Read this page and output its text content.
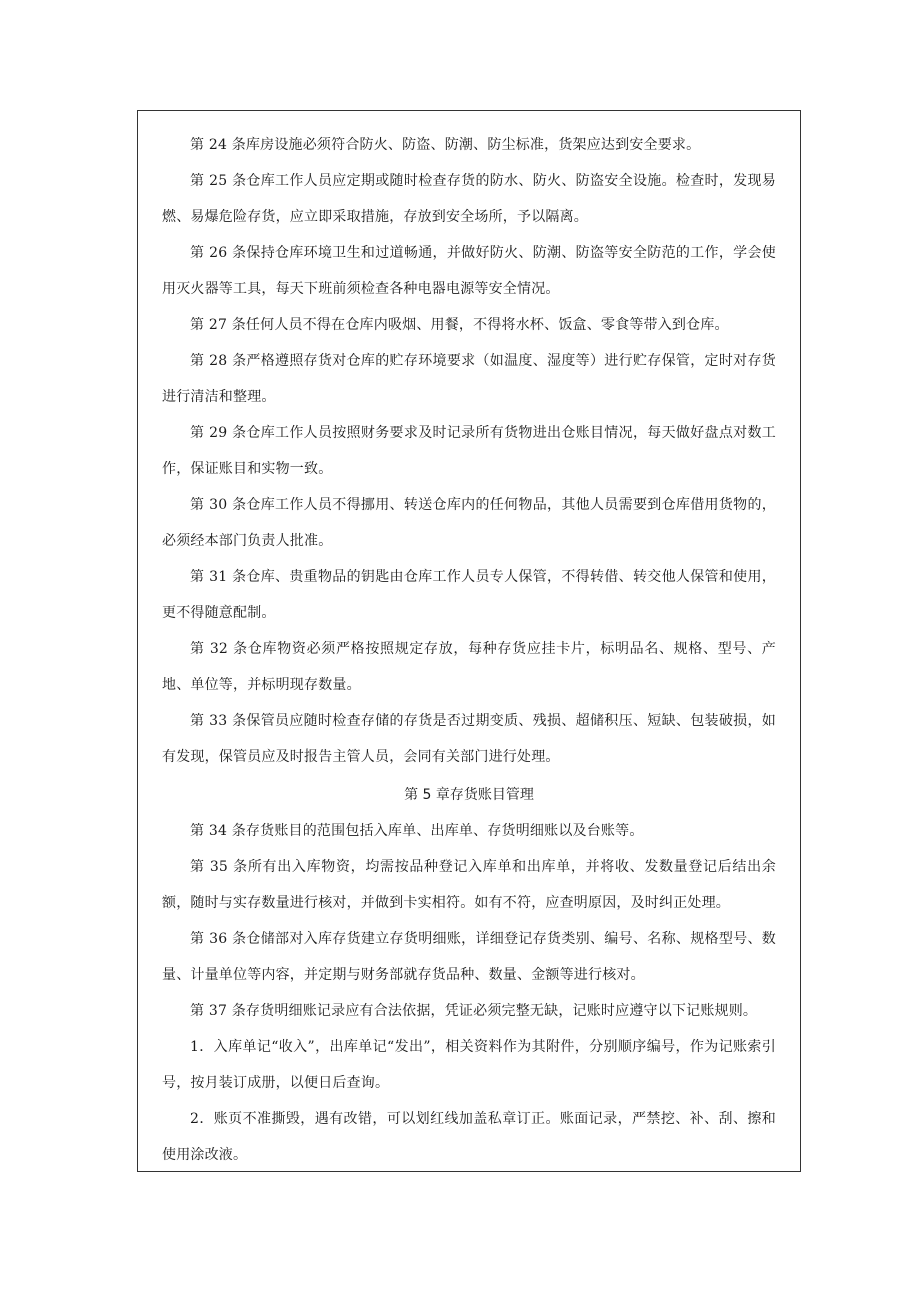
第 24 条库房设施必须符合防火、防盗、防潮、防尘标准，货架应达到安全要求。

第 25 条仓库工作人员应定期或随时检查存货的防水、防火、防盗安全设施。检查时，发现易燃、易爆危险存货，应立即采取措施，存放到安全场所，予以隔离。

第 26 条保持仓库环境卫生和过道畅通，并做好防火、防潮、防盗等安全防范的工作，学会使用灭火器等工具，每天下班前须检查各种电器电源等安全情况。

第 27 条任何人员不得在仓库内吸烟、用餐，不得将水杯、饭盒、零食等带入到仓库。

第 28 条严格遵照存货对仓库的贮存环境要求（如温度、湿度等）进行贮存保管，定时对存货进行清洁和整理。

第 29 条仓库工作人员按照财务要求及时记录所有货物进出仓账目情况，每天做好盘点对数工作，保证账目和实物一致。

第 30 条仓库工作人员不得挪用、转送仓库内的任何物品，其他人员需要到仓库借用货物的，必须经本部门负责人批准。

第 31 条仓库、贵重物品的钥匙由仓库工作人员专人保管，不得转借、转交他人保管和使用，更不得随意配制。

第 32 条仓库物资必须严格按照规定存放，每种存货应挂卡片，标明品名、规格、型号、产地、单位等，并标明现存数量。

第 33 条保管员应随时检查存储的存货是否过期变质、残损、超储积压、短缺、包装破损，如有发现，保管员应及时报告主管人员，会同有关部门进行处理。

第 5 章存货账目管理

第 34 条存货账目的范围包括入库单、出库单、存货明细账以及台账等。

第 35 条所有出入库物资，均需按品种登记入库单和出库单，并将收、发数量登记后结出余额，随时与实存数量进行核对，并做到卡实相符。如有不符，应查明原因，及时纠正处理。

第 36 条仓储部对入库存货建立存货明细账，详细登记存货类别、编号、名称、规格型号、数量、计量单位等内容，并定期与财务部就存货品种、数量、金额等进行核对。

第 37 条存货明细账记录应有合法依据，凭证必须完整无缺，记账时应遵守以下记账规则。

1．入库单记“收入”，出库单记“发出”，相关资料作为其附件，分别顺序编号，作为记账索引号，按月装订成册，以便日后查询。

2．账页不准撕毁，遇有改错，可以划红线加盖私章订正。账面记录，严禁挖、补、刮、擦和使用涂改液。
